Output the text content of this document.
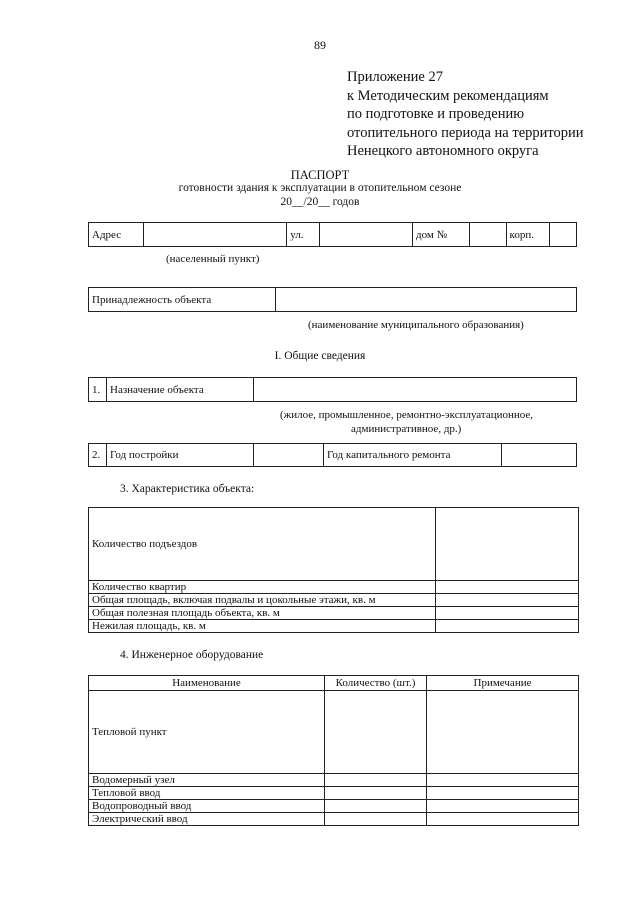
89
Приложение 27
к Методическим рекомендациям
по подготовке и проведению
отопительного периода на территории
Ненецкого автономного округа
ПАСПОРТ
готовности здания к эксплуатации в отопительном сезоне
20__/20__ годов
Адрес		ул.		дом №		корп.	
(населенный пункт)
Принадлежность объекта	
(наименование муниципального образования)
I. Общие сведения
1.	Назначение объекта	
(жилое, промышленное, ремонтно-эксплуатационное,
административное, др.)
2.	Год постройки		Год капитального ремонта	
3. Характеристика объекта:
Количество подъездов	
Количество квартир	
Общая площадь, включая подвалы и цокольные этажи, кв. м	
Общая полезная площадь объекта, кв. м	
Нежилая площадь, кв. м	
4. Инженерное оборудование
Наименование	Количество (шт.)	Примечание
Тепловой пункт		
Водомерный узел		
Тепловой ввод		
Водопроводный ввод		
Электрический ввод		
